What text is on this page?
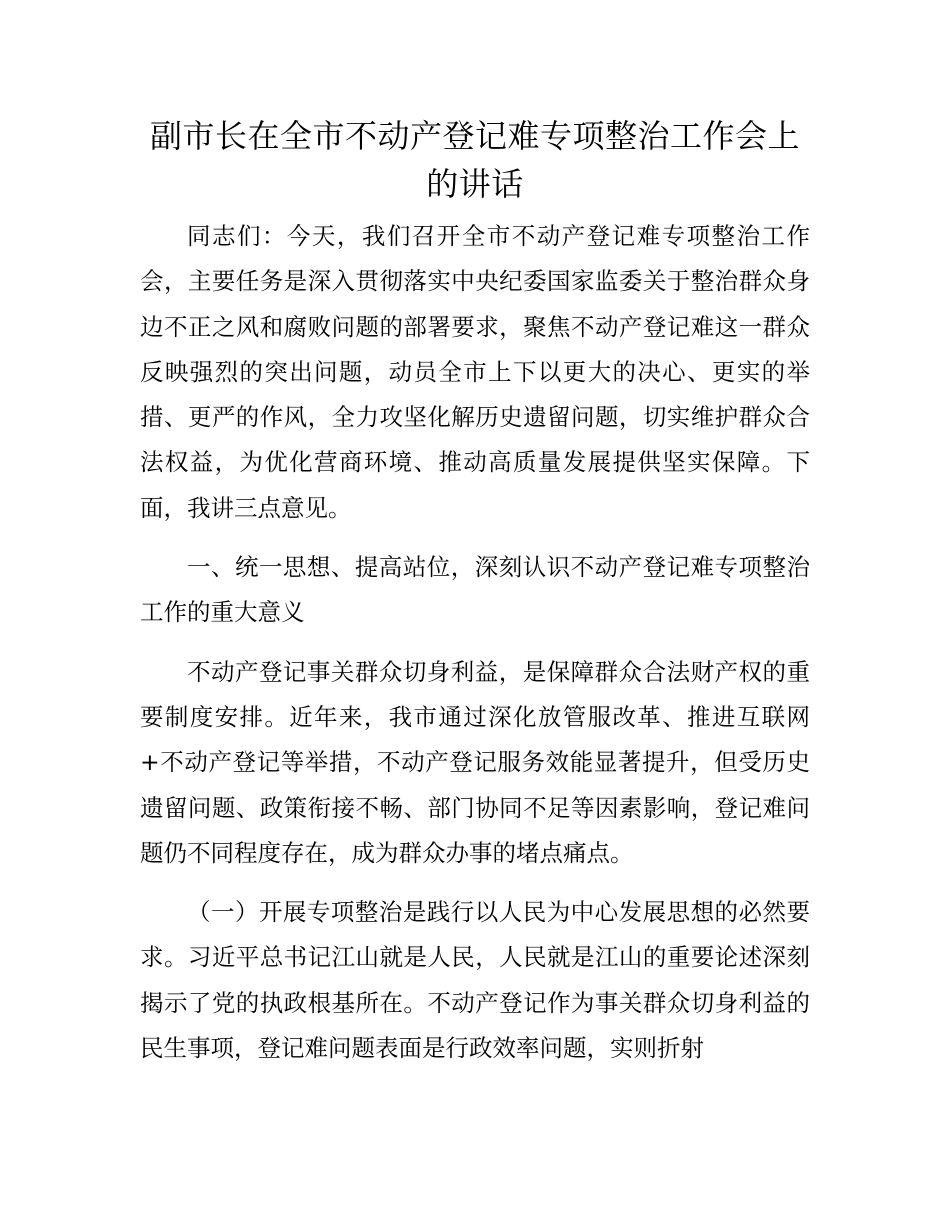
副市长在全市不动产登记难专项整治工作会上的讲话

同志们：今天，我们召开全市不动产登记难专项整治工作会，主要任务是深入贯彻落实中央纪委国家监委关于整治群众身边不正之风和腐败问题的部署要求，聚焦不动产登记难这一群众反映强烈的突出问题，动员全市上下以更大的决心、更实的举措、更严的作风，全力攻坚化解历史遗留问题，切实维护群众合法权益，为优化营商环境、推动高质量发展提供坚实保障。下面，我讲三点意见。

一、统一思想、提高站位，深刻认识不动产登记难专项整治工作的重大意义

不动产登记事关群众切身利益，是保障群众合法财产权的重要制度安排。近年来，我市通过深化放管服改革、推进互联网+不动产登记等举措，不动产登记服务效能显著提升，但受历史遗留问题、政策衔接不畅、部门协同不足等因素影响，登记难问题仍不同程度存在，成为群众办事的堵点痛点。

（一）开展专项整治是践行以人民为中心发展思想的必然要求。习近平总书记江山就是人民，人民就是江山的重要论述深刻揭示了党的执政根基所在。不动产登记作为事关群众切身利益的民生事项，登记难问题表面是行政效率问题，实则折射
